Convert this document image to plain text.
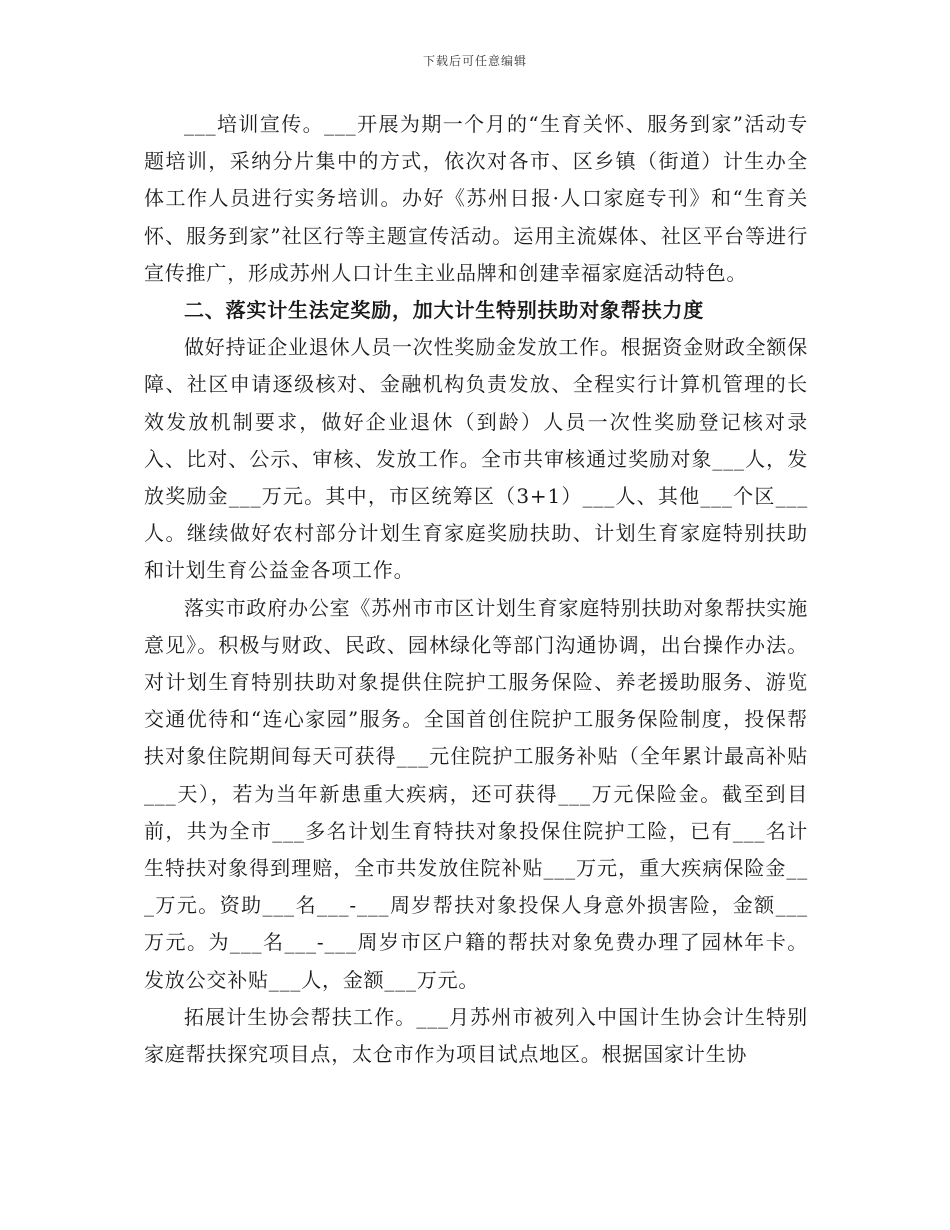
下载后可任意编辑

___培训宣传。___开展为期一个月的“生育关怀、服务到家”活动专题培训，采纳分片集中的方式，依次对各市、区乡镇（街道）计生办全体工作人员进行实务培训。办好《苏州日报·人口家庭专刊》和“生育关怀、服务到家”社区行等主题宣传活动。运用主流媒体、社区平台等进行宣传推广，形成苏州人口计生主业品牌和创建幸福家庭活动特色。

二、落实计生法定奖励，加大计生特别扶助对象帮扶力度

做好持证企业退休人员一次性奖励金发放工作。根据资金财政全额保障、社区申请逐级核对、金融机构负责发放、全程实行计算机管理的长效发放机制要求，做好企业退休（到龄）人员一次性奖励登记核对录入、比对、公示、审核、发放工作。全市共审核通过奖励对象___人，发放奖励金___万元。其中，市区统筹区（3+1）___人、其他___个区___人。继续做好农村部分计划生育家庭奖励扶助、计划生育家庭特别扶助和计划生育公益金各项工作。

落实市政府办公室《苏州市市区计划生育家庭特别扶助对象帮扶实施意见》。积极与财政、民政、园林绿化等部门沟通协调，出台操作办法。对计划生育特别扶助对象提供住院护工服务保险、养老援助服务、游览交通优待和“连心家园”服务。全国首创住院护工服务保险制度，投保帮扶对象住院期间每天可获得___元住院护工服务补贴（全年累计最高补贴___天），若为当年新患重大疾病，还可获得___万元保险金。截至到目前，共为全市___多名计划生育特扶对象投保住院护工险，已有___名计生特扶对象得到理赔，全市共发放住院补贴___万元，重大疾病保险金___万元。资助___名___-___周岁帮扶对象投保人身意外损害险，金额___万元。为___名___-___周岁市区户籍的帮扶对象免费办理了园林年卡。发放公交补贴___人，金额___万元。

拓展计生协会帮扶工作。___月苏州市被列入中国计生协会计生特别家庭帮扶探究项目点，太仓市作为项目试点地区。根据国家计生协
